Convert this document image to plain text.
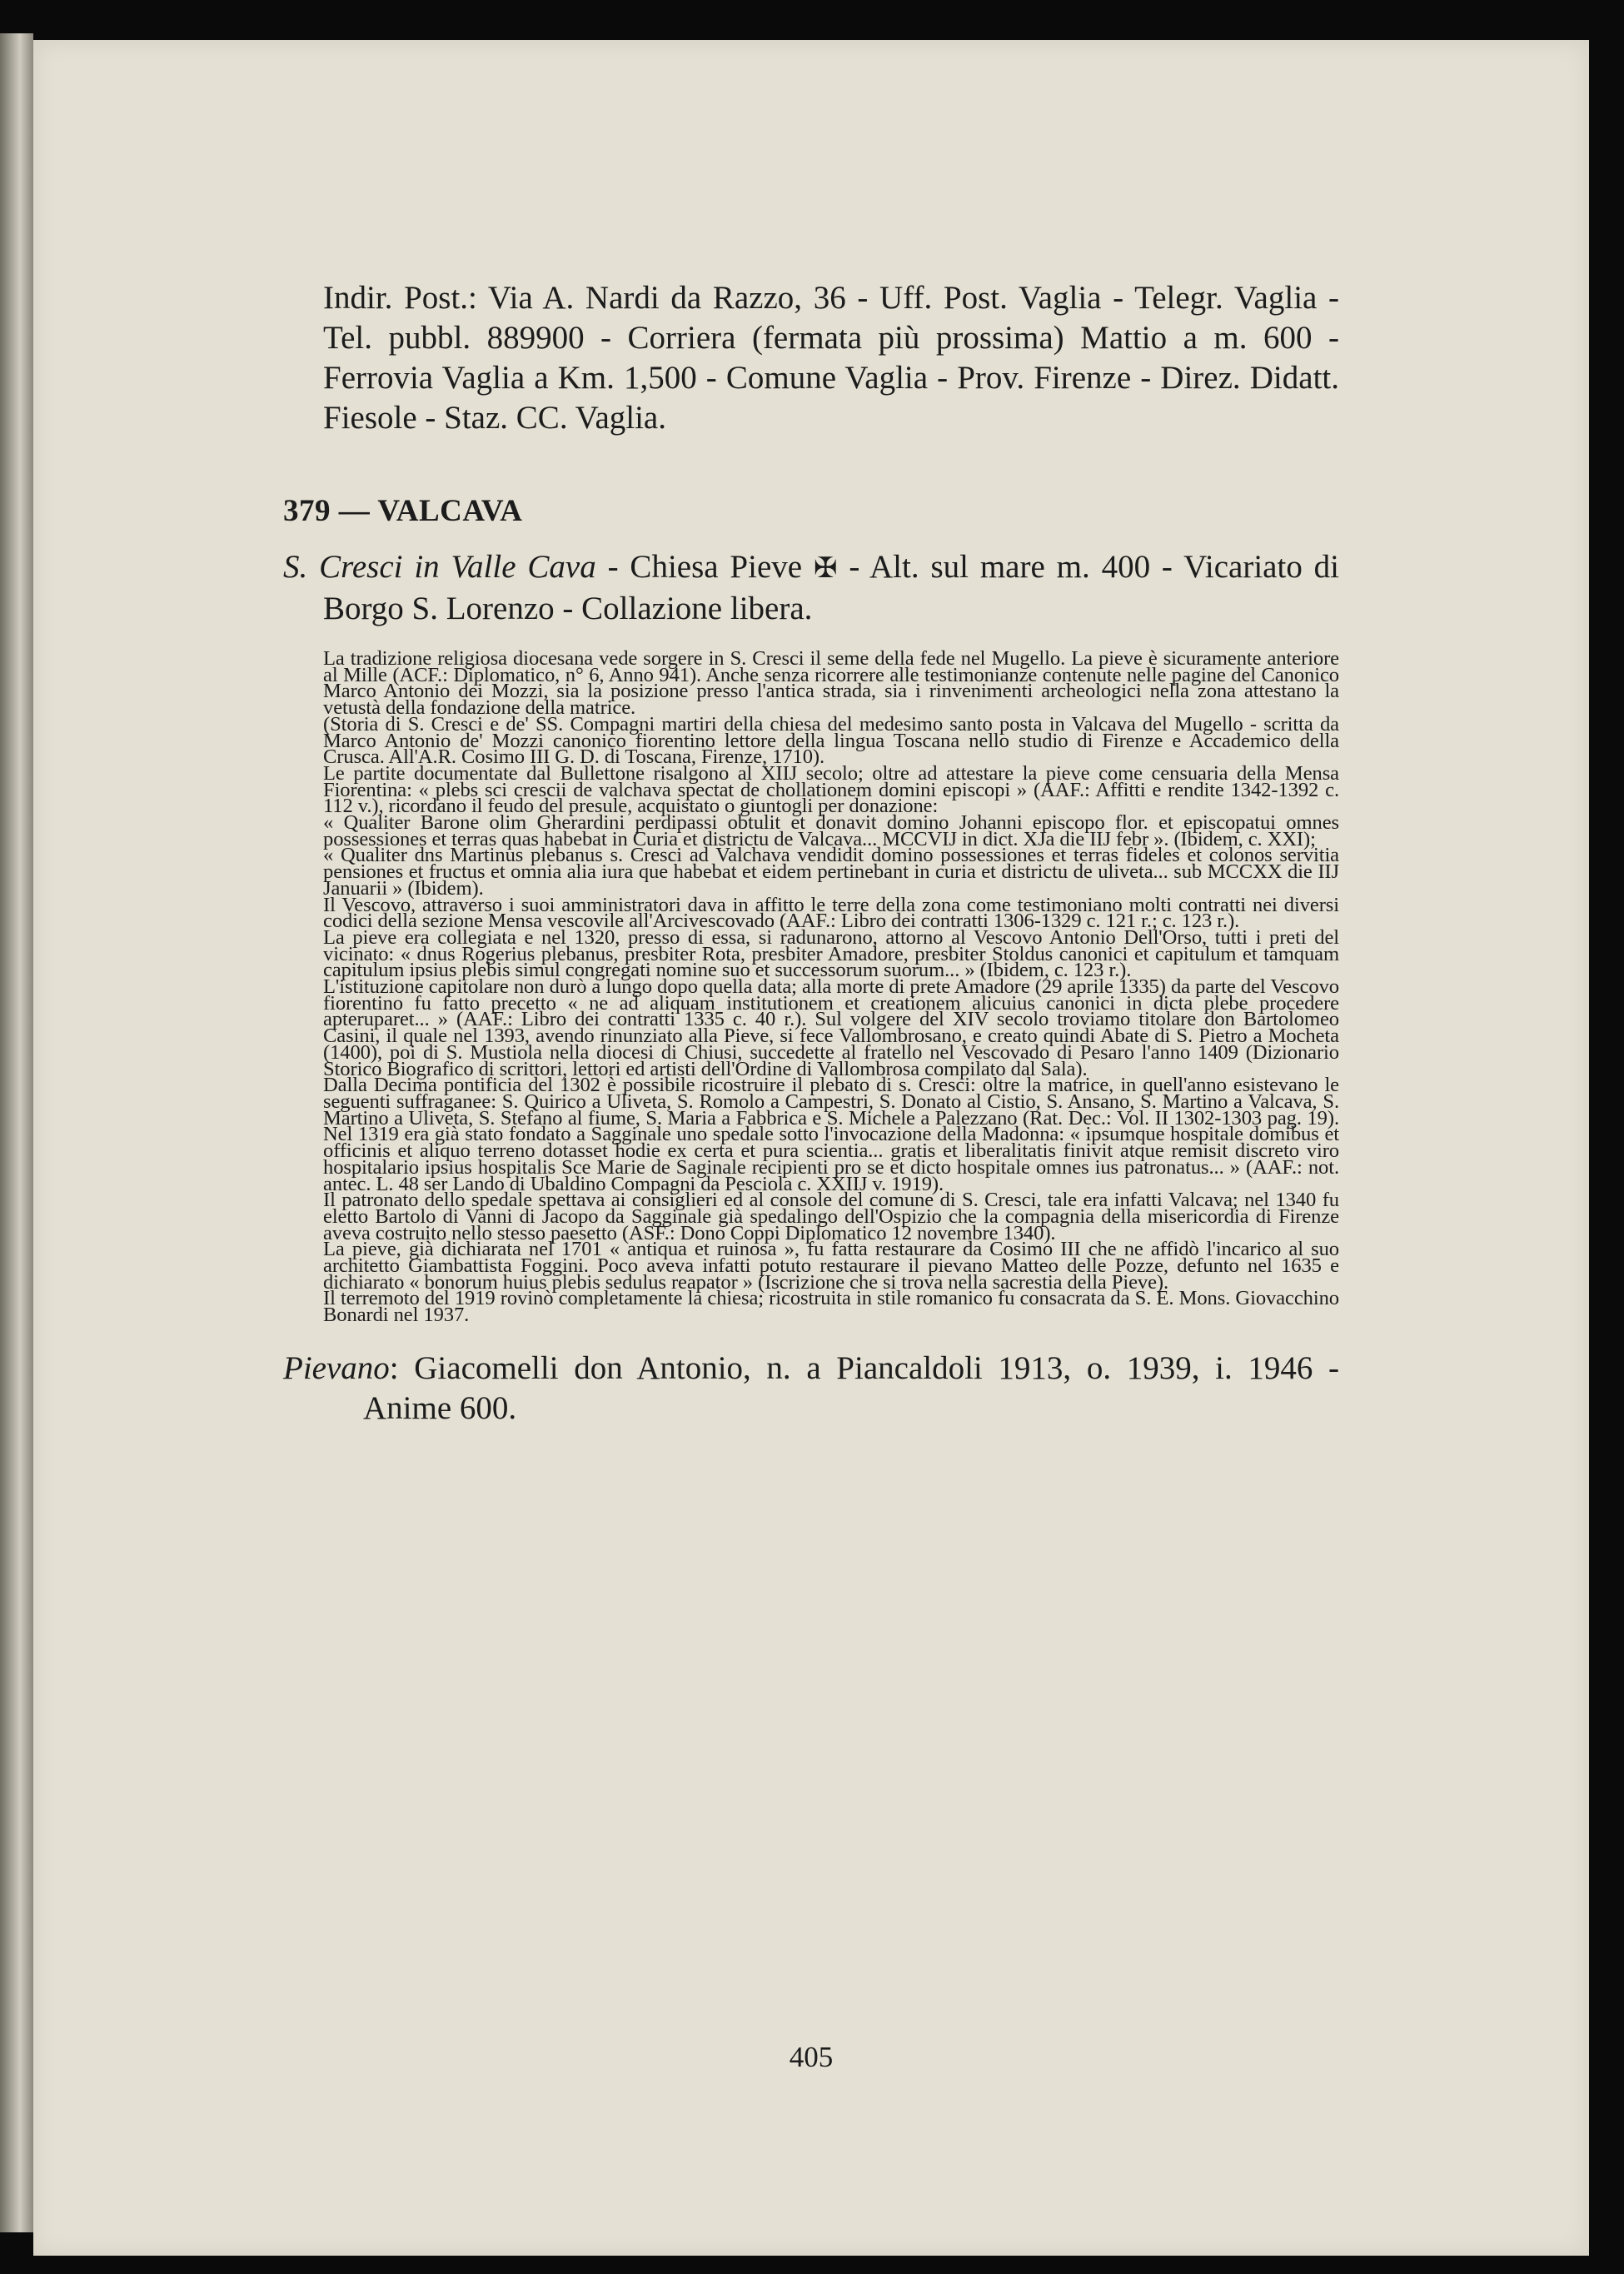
Indir. Post.: Via A. Nardi da Razzo, 36 - Uff. Post. Vaglia - Telegr. Vaglia - Tel. pubbl. 889900 - Corriera (fermata più prossima) Mattio a m. 600 - Ferrovia Vaglia a Km. 1,500 - Comune Vaglia - Prov. Firenze - Direz. Didatt. Fiesole - Staz. CC. Vaglia.

379 — VALCAVA

S. Cresci in Valle Cava - Chiesa Pieve ✠ - Alt. sul mare m. 400 - Vicariato di Borgo S. Lorenzo - Collazione libera.

La tradizione religiosa diocesana vede sorgere in S. Cresci il seme della fede nel Mugello. La pieve è sicuramente anteriore al Mille (ACF.: Diplomatico, n° 6, Anno 941). Anche senza ricorrere alle testimonianze contenute nelle pagine del Canonico Marco Antonio dei Mozzi, sia la posizione presso l'antica strada, sia i rinvenimenti archeologici nella zona attestano la vetustà della fondazione della matrice.

(Storia di S. Cresci e de' SS. Compagni martiri della chiesa del medesimo santo posta in Valcava del Mugello - scritta da Marco Antonio de' Mozzi canonico fiorentino lettore della lingua Toscana nello studio di Firenze e Accademico della Crusca. All'A.R. Cosimo III G. D. di Toscana, Firenze, 1710).

Le partite documentate dal Bullettone risalgono al XIIJ secolo; oltre ad attestare la pieve come censuaria della Mensa Fiorentina: « plebs sci crescii de valchava spectat de chollationem domini episcopi » (AAF.: Affitti e rendite 1342-1392 c. 112 v.), ricordano il feudo del presule, acquistato o giuntogli per donazione:

« Qualiter Barone olim Gherardini perdipassi obtulit et donavit domino Johanni episcopo flor. et episcopatui omnes possessiones et terras quas habebat in Curia et districtu de Valcava... MCCVIJ in dict. XJa die IIJ febr ». (Ibidem, c. XXI);

« Qualiter dns Martinus plebanus s. Cresci ad Valchava vendidit domino possessiones et terras fideles et colonos servitia pensiones et fructus et omnia alia iura que habebat et eidem pertinebant in curia et districtu de uliveta... sub MCCXX die IIJ Januarii » (Ibidem).

Il Vescovo, attraverso i suoi amministratori dava in affitto le terre della zona come testimoniano molti contratti nei diversi codici della sezione Mensa vescovile all'Arcivescovado (AAF.: Libro dei contratti 1306-1329 c. 121 r.; c. 123 r.).

La pieve era collegiata e nel 1320, presso di essa, si radunarono, attorno al Vescovo Antonio Dell'Orso, tutti i preti del vicinato: « dnus Rogerius plebanus, presbiter Rota, presbiter Amadore, presbiter Stoldus canonici et capitulum et tamquam capitulum ipsius plebis simul congregati nomine suo et successorum suorum... » (Ibidem, c. 123 r.).

L'istituzione capitolare non durò a lungo dopo quella data; alla morte di prete Amadore (29 aprile 1335) da parte del Vescovo fiorentino fu fatto precetto « ne ad aliquam institutionem et creationem alicuius canonici in dicta plebe procedere apteruparet... » (AAF.: Libro dei contratti 1335 c. 40 r.). Sul volgere del XIV secolo troviamo titolare don Bartolomeo Casini, il quale nel 1393, avendo rinunziato alla Pieve, si fece Vallombrosano, e creato quindi Abate di S. Pietro a Mocheta (1400), poi di S. Mustiola nella diocesi di Chiusi, succedette al fratello nel Vescovado di Pesaro l'anno 1409 (Dizionario Storico Biografico di scrittori, lettori ed artisti dell'Ordine di Vallombrosa compilato dal Sala).

Dalla Decima pontificia del 1302 è possibile ricostruire il plebato di s. Cresci: oltre la matrice, in quell'anno esistevano le seguenti suffraganee: S. Quirico a Uliveta, S. Romolo a Campestri, S. Donato al Cistio, S. Ansano, S. Martino a Valcava, S. Martino a Uliveta, S. Stefano al fiume, S. Maria a Fabbrica e S. Michele a Palezzano (Rat. Dec.: Vol. II 1302-1303 pag. 19). Nel 1319 era già stato fondato a Sagginale uno spedale sotto l'invocazione della Madonna: « ipsumque hospitale domibus et officinis et aliquo terreno dotasset hodie ex certa et pura scientia... gratis et liberalitatis finivit atque remisit discreto viro hospitalario ipsius hospitalis Sce Marie de Saginale recipienti pro se et dicto hospitale omnes ius patronatus... » (AAF.: not. antec. L. 48 ser Lando di Ubaldino Compagni da Pesciola c. XXIIJ v. 1919).

Il patronato dello spedale spettava ai consiglieri ed al console del comune di S. Cresci, tale era infatti Valcava; nel 1340 fu eletto Bartolo di Vanni di Jacopo da Sagginale già spedalingo dell'Ospizio che la compagnia della misericordia di Firenze aveva costruito nello stesso paesetto (ASF.: Dono Coppi Diplomatico 12 novembre 1340).

La pieve, già dichiarata nel 1701 « antiqua et ruinosa », fu fatta restaurare da Cosimo III che ne affidò l'incarico al suo architetto Giambattista Foggini. Poco aveva infatti potuto restaurare il pievano Matteo delle Pozze, defunto nel 1635 e dichiarato « bonorum huius plebis sedulus reapator » (Iscrizione che si trova nella sacrestia della Pieve).

Il terremoto del 1919 rovinò completamente la chiesa; ricostruita in stile romanico fu consacrata da S. E. Mons. Giovacchino Bonardi nel 1937.

Pievano: Giacomelli don Antonio, n. a Piancaldoli 1913, o. 1939, i. 1946 - Anime 600.

405
